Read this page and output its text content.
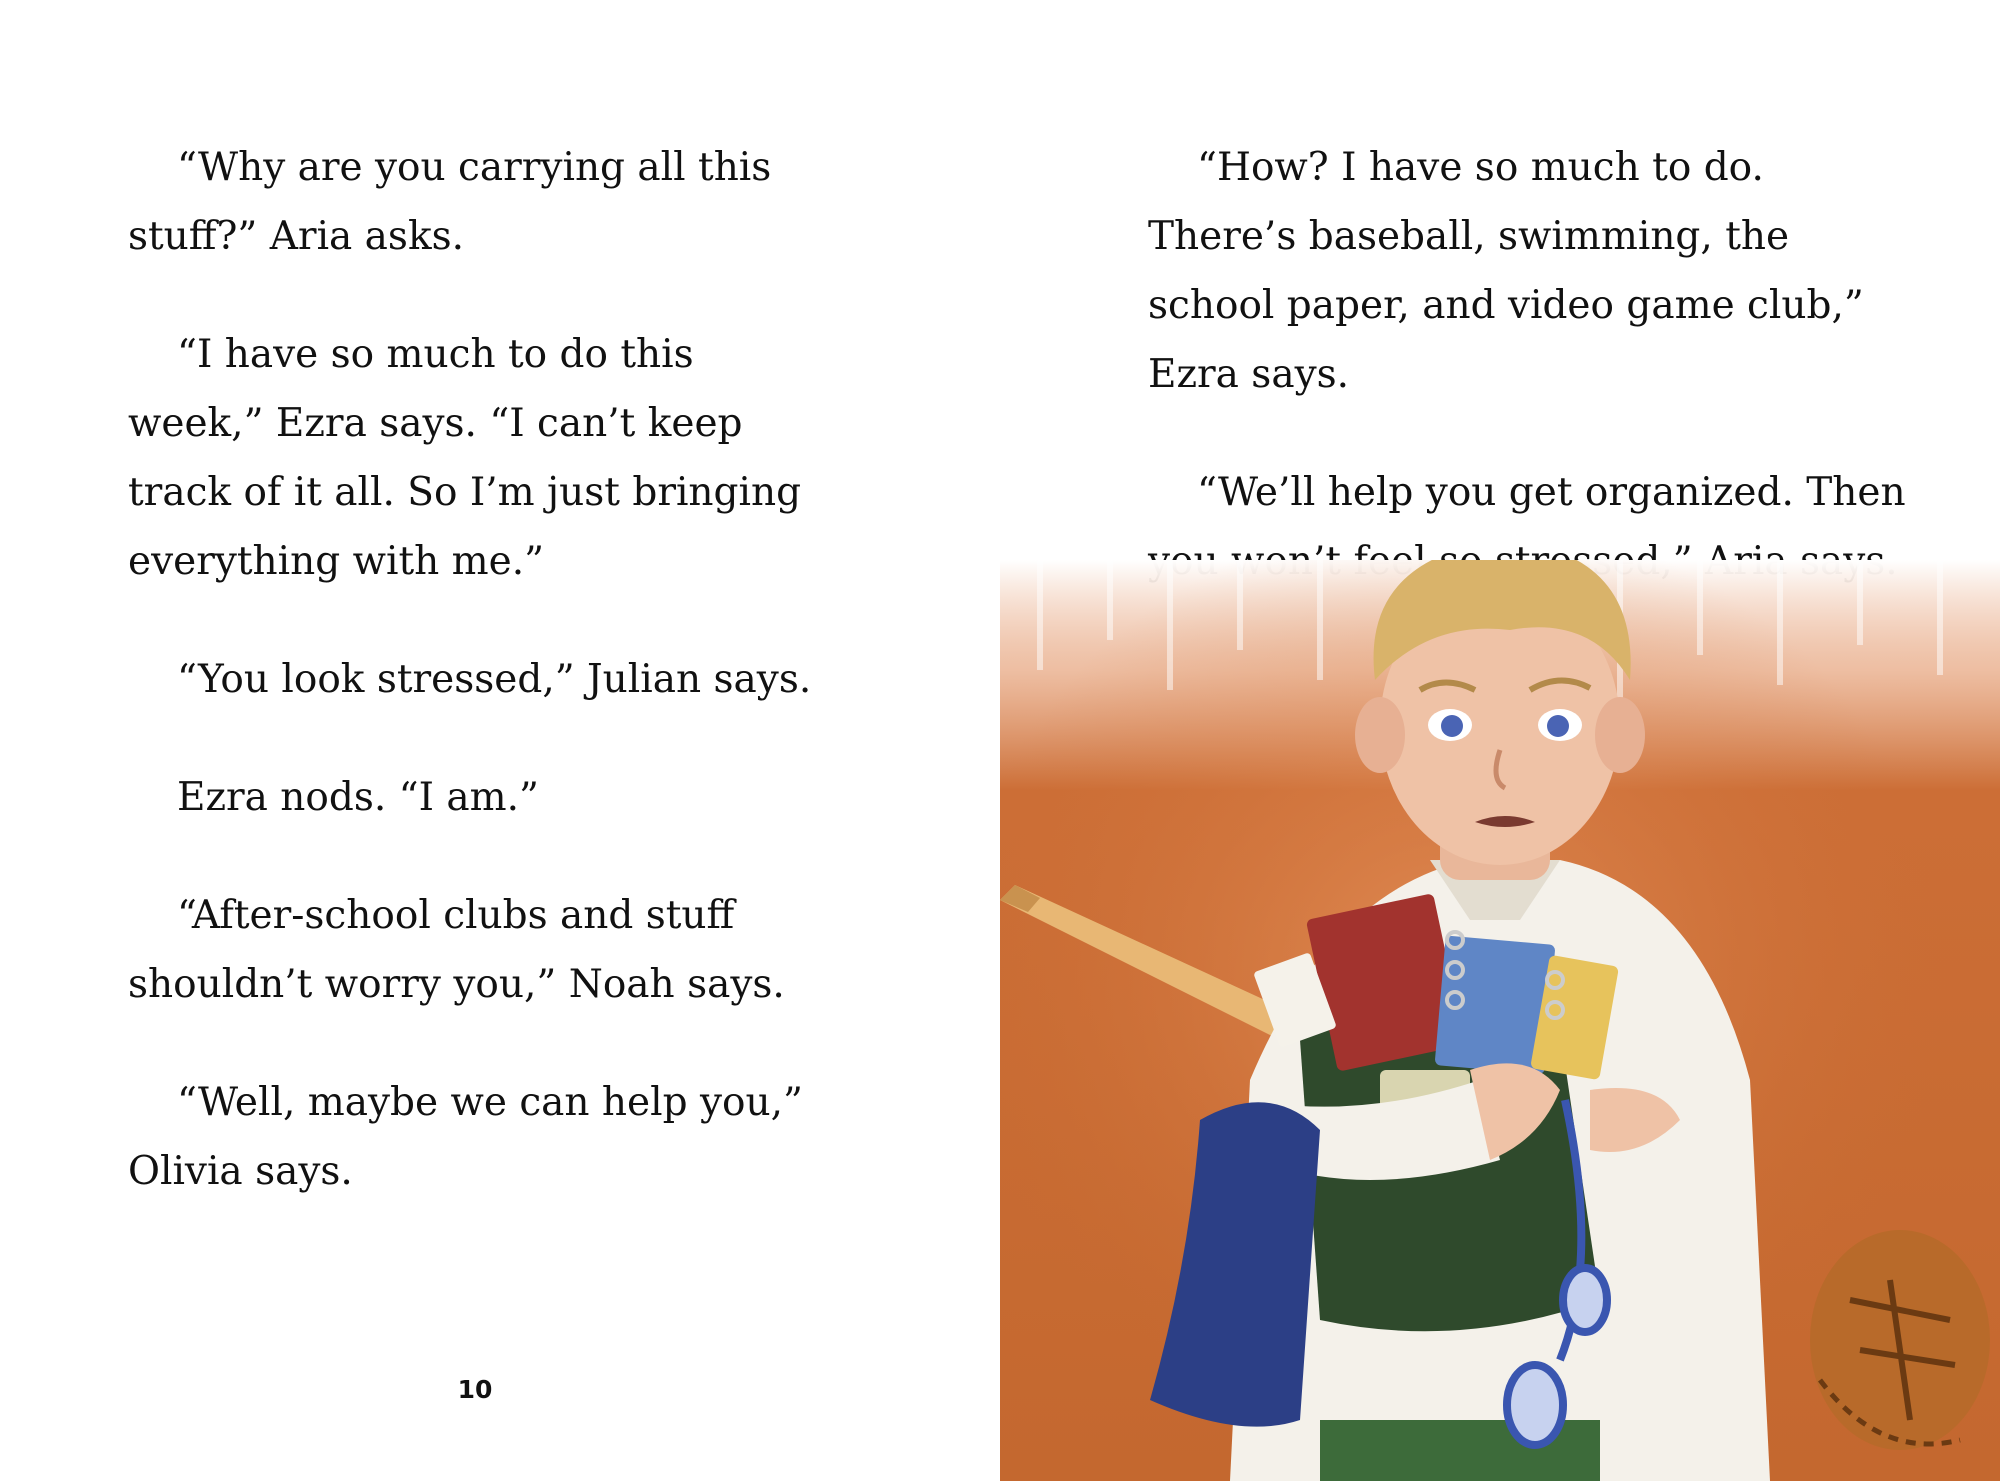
“Why are you carrying all this stuff?” Aria asks.

“I have so much to do this week,” Ezra says. “I can’t keep track of it all. So I’m just bringing everything with me.”

“You look stressed,” Julian says.

Ezra nods. “I am.”

“After-school clubs and stuff shouldn’t worry you,” Noah says.

“Well, maybe we can help you,” Olivia says.

10

“How? I have so much to do. There’s baseball, swimming, the school paper, and video game club,” Ezra says.

“We’ll help you get organized. Then
